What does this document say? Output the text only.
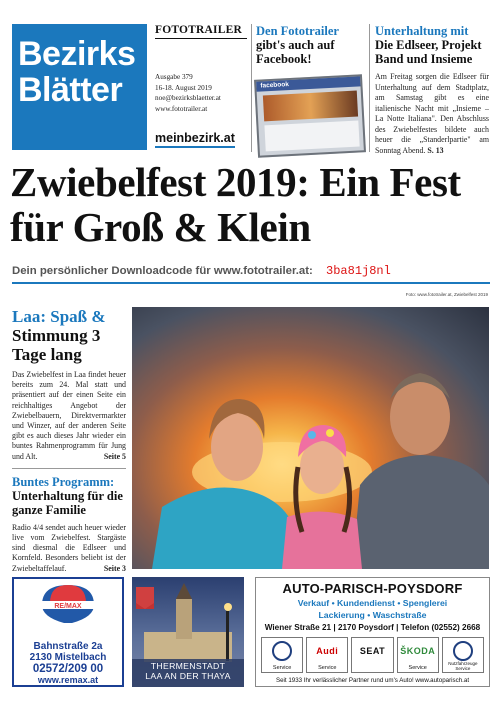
Bezirks
Blätter
FOTOTRAILER
Ausgabe 379
16-18. August 2019
noe@bezirksblaetter.at
www.fototrailer.at
meinbezirk.at
Den Fototrailer
gibt's auch auf Facebook!
facebook
Unterhaltung mit
Die Edlseer, Projekt Band und Insieme
Am Freitag sorgen die Edlseer für Unterhaltung auf dem Stadtplatz, am Samstag gibt es eine italienische Nacht mit „Insieme – La Notte Italiana". Den Abschluss des Zwiebelfestes bildete auch heuer die „Standerlpartie" am Sonntag Abend. S. 13
Zwiebelfest 2019: Ein Fest für Groß & Klein
Dein persönlicher Downloadcode für www.fototrailer.at: 3ba81j8nl
Foto: www.fototrailer.at, Zwiebelfest 2019
Laa: Spaß &
Stimmung 3 Tage lang
Das Zwiebelfest in Laa findet heuer bereits zum 24. Mal statt und präsentiert auf der einen Seite ein reichhaltiges Angebot der Zwiebelbauern, Direktvermarkter und Winzer, auf der anderen Seite gibt es auch dieses Jahr wieder ein buntes Rahmenprogramm für Jung und Alt.	Seite 5
Buntes Programm:
Unterhaltung für die ganze Familie
Radio 4/4 sendet auch heuer wieder live vom Zwiebelfest. Stargäste sind diesmal die Edlseer und Kornfeld. Besonders beliebt ist der Zwiebeltaffelauf.	Seite 3
RE/MAX
Bahnstraße 2a
2130 Mistelbach
02572/209 00
www.remax.at
THERMENSTADT
LAA AN DER THAYA
AUTO-PARISCH-POYSDORF
Verkauf • Kundendienst • Spenglerei
Lackierung • Waschstraße
Wiener Straße 21 | 2170 Poysdorf | Telefon (02552) 2668
Service
Audi
Service
SEAT	ŠKODA
Service
Nutzfahrzeuge Service
Seit 1933 Ihr verlässlicher Partner rund um's Auto! www.autoparisch.at
